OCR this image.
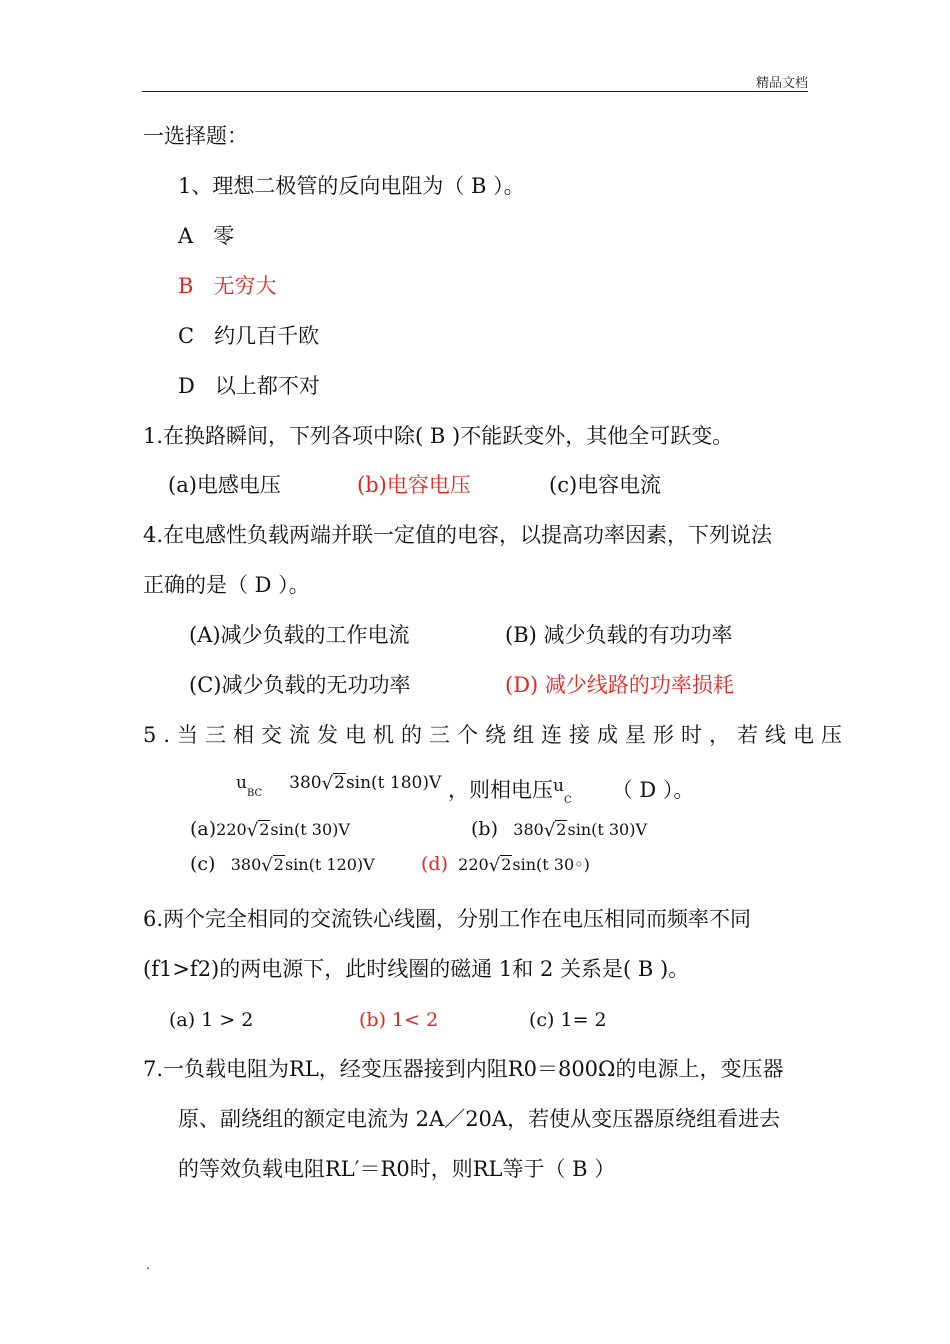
精品文档
一选择题：
1、理想二极管的反向电阻为（ B ）。
A 零
B 无穷大
C 约几百千欧
D 以上都不对
1.在换路瞬间，下列各项中除( B )不能跃变外，其他全可跃变。
(a)电感电压	(b)电容电压	(c)电容电流
4.在电感性负载两端并联一定值的电容，以提高功率因素，下列说法
正确的是（ D ）。
(A)减少负载的工作电流	(B) 减少负载的有功功率
(C)减少负载的无功功率	(D) 减少线路的功率损耗
5.当三相交流发电机的三个绕组连接成星形时，若线电压
$u_{BC}$     380√2sin(t 180)V ，则相电压$^u_C$ （ D ）。
(a)220√2sin(t 30)V	(b) 380√2sin(t 30)V
(c) 380√2sin(t 120)V (d) 220√2sin(t 30◦)
6.两个完全相同的交流铁心线圈，分别工作在电压相同而频率不同
(f1>f2)的两电源下，此时线圈的磁通 1和 2 关系是( B )。
(a) 1 > 2	(b) 1< 2	(c) 1= 2
7.一负载电阻为RL，经变压器接到内阻R0＝800Ω的电源上，变压器
原、副绕组的额定电流为 2A／20A，若使从变压器原绕组看进去
的等效负载电阻RL′＝R0时，则RL等于（ B ）
.
